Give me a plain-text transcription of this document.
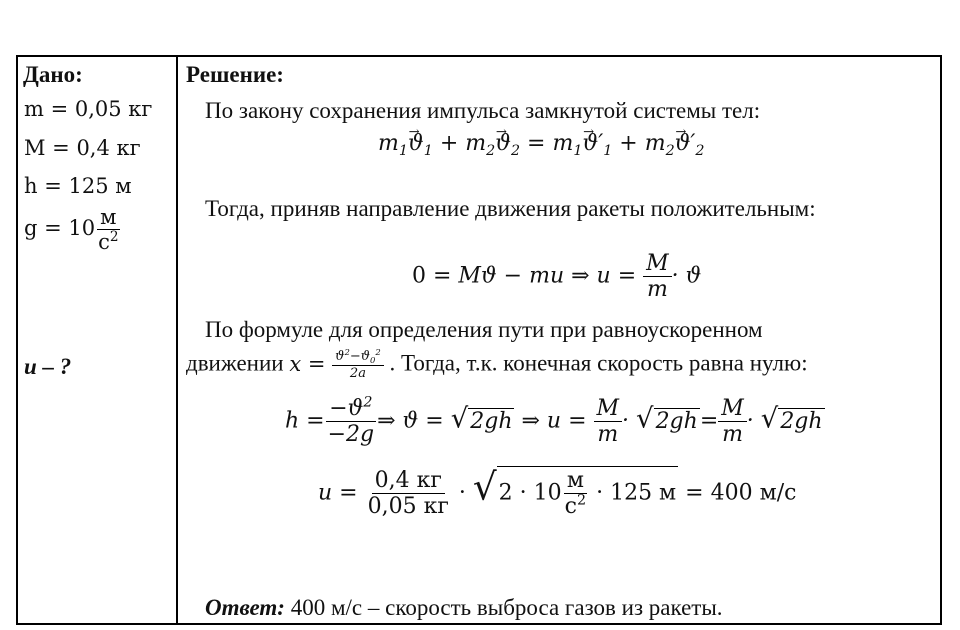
Дано:
m = 0,05 кг
M = 0,4 кг
h = 125 м
$g = 10 \frac{м}{с^2}$
u – ?
Решение:
По закону сохранения импульса замкнутой системы тел:
$m_1\to ϑ_1 + m_2\to ϑ_2 = m_1\to ϑ'_1 + m_2\to ϑ'_2$
Тогда, приняв направление движения ракеты положительным:
0 = Mϑ − mu ⇒ $u = \frac{M}{m} \cdot ϑ$
По формуле для определения пути при равноускоренном
движении $x = \frac{ϑ^2-ϑ_0^2}{2a}$ . Тогда, т.к. конечная скорость равна нулю:
$h = \frac{-ϑ^2}{-2g}$ ⇒ ϑ = √2gh ⇒ $u = \frac{M}{m} \cdot √2gh= \frac{M}{m} \cdot √2gh$
$u = \frac{0,4 кг}{0,05 кг} \cdot √2 \cdot 10 \frac{м}{с^2} \cdot 125$ м = 400 м/с
Ответ: 400 м/с – скорость выброса газов из ракеты.
